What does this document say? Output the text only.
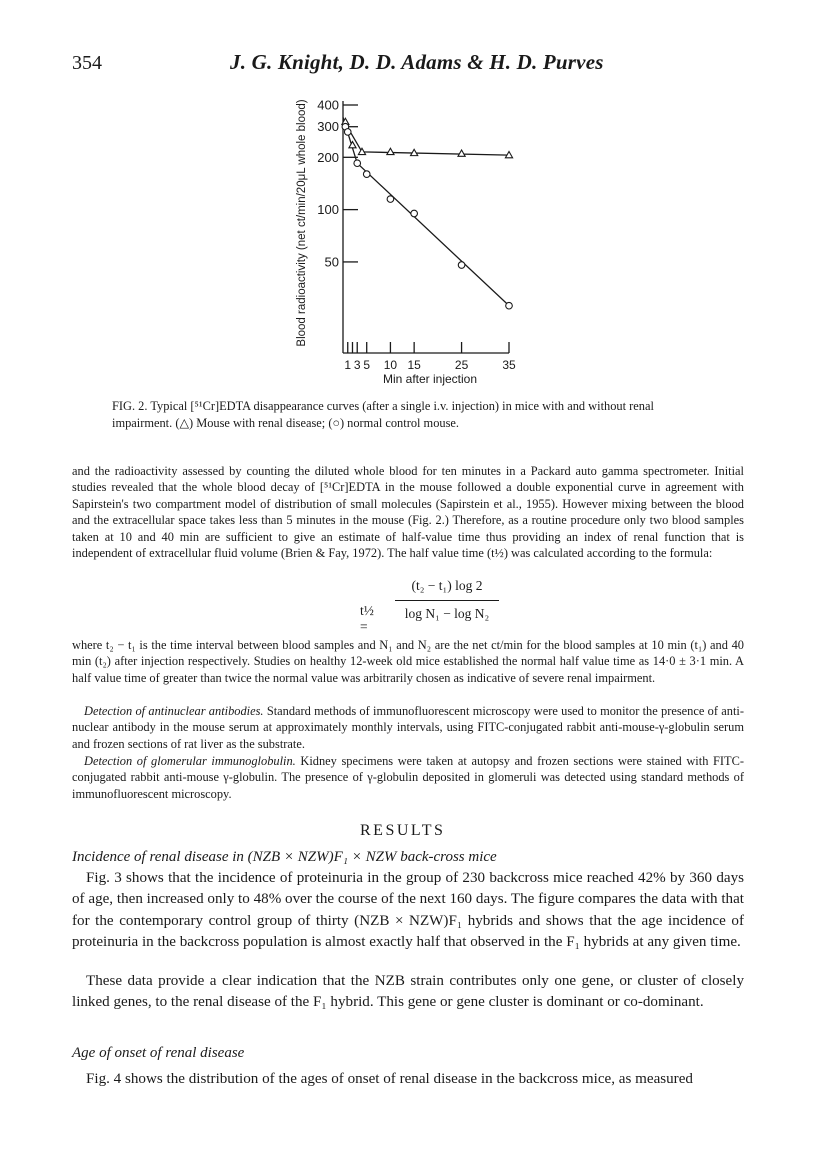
354	J. G. Knight, D. D. Adams & H. D. Purves
Blood radioactivity (net ct/min/20μL whole blood) 400
300
200
100
50
1 3 5 10 15	25	35
Min after injection
FIG. 2. Typical [⁵¹Cr]EDTA disappearance curves (after a single i.v. injection) in mice with and without renal impairment. (△) Mouse with renal disease; (○) normal control mouse.
and the radioactivity assessed by counting the diluted whole blood for ten minutes in a Packard auto gamma spectrometer. Initial studies revealed that the whole blood decay of [⁵¹Cr]EDTA in the mouse followed a double exponential curve in agreement with Sapirstein's two compartment model of distribution of small molecules (Sapirstein et al., 1955). However mixing between the blood and the extracellular space takes less than 5 minutes in the mouse (Fig. 2.) Therefore, as a routine procedure only two blood samples taken at 10 and 40 min are sufficient to give an estimate of half-value time thus providing an index of renal function that is independent of extracellular fluid volume (Brien & Fay, 1972). The half value time (t½) was calculated according to the formula:
t½ =
(t₂ − t₁) log 2
log N₁ − log N₂
where t₂ − t₁ is the time interval between blood samples and N₁ and N₂ are the net ct/min for the blood samples at 10 min (t₁) and 40 min (t₂) after injection respectively. Studies on healthy 12-week old mice established the normal half value time as 14·0 ± 3·1 min. A half value time of greater than twice the normal value was arbitrarily chosen as indicative of severe renal impairment.
Detection of antinuclear antibodies. Standard methods of immunofluorescent microscopy were used to monitor the presence of anti-nuclear antibody in the mouse serum at approximately monthly intervals, using FITC-conjugated rabbit anti-mouse-γ-globulin serum and frozen sections of rat liver as the substrate.
Detection of glomerular immunoglobulin. Kidney specimens were taken at autopsy and frozen sections were stained with FITC-conjugated rabbit anti-mouse γ-globulin. The presence of γ-globulin deposited in glomeruli was detected using standard methods of immunofluorescent microscopy.
RESULTS
Incidence of renal disease in (NZB × NZW)F₁ × NZW back-cross mice
Fig. 3 shows that the incidence of proteinuria in the group of 230 backcross mice reached 42% by 360 days of age, then increased only to 48% over the course of the next 160 days. The figure compares the data with that for the contemporary control group of thirty (NZB × NZW)F₁ hybrids and shows that the age incidence of proteinuria in the backcross population is almost exactly half that observed in the F₁ hybrids at any given time.
These data provide a clear indication that the NZB strain contributes only one gene, or cluster of closely linked genes, to the renal disease of the F₁ hybrid. This gene or gene cluster is dominant or co-dominant.
Age of onset of renal disease
Fig. 4 shows the distribution of the ages of onset of renal disease in the backcross mice, as measured
